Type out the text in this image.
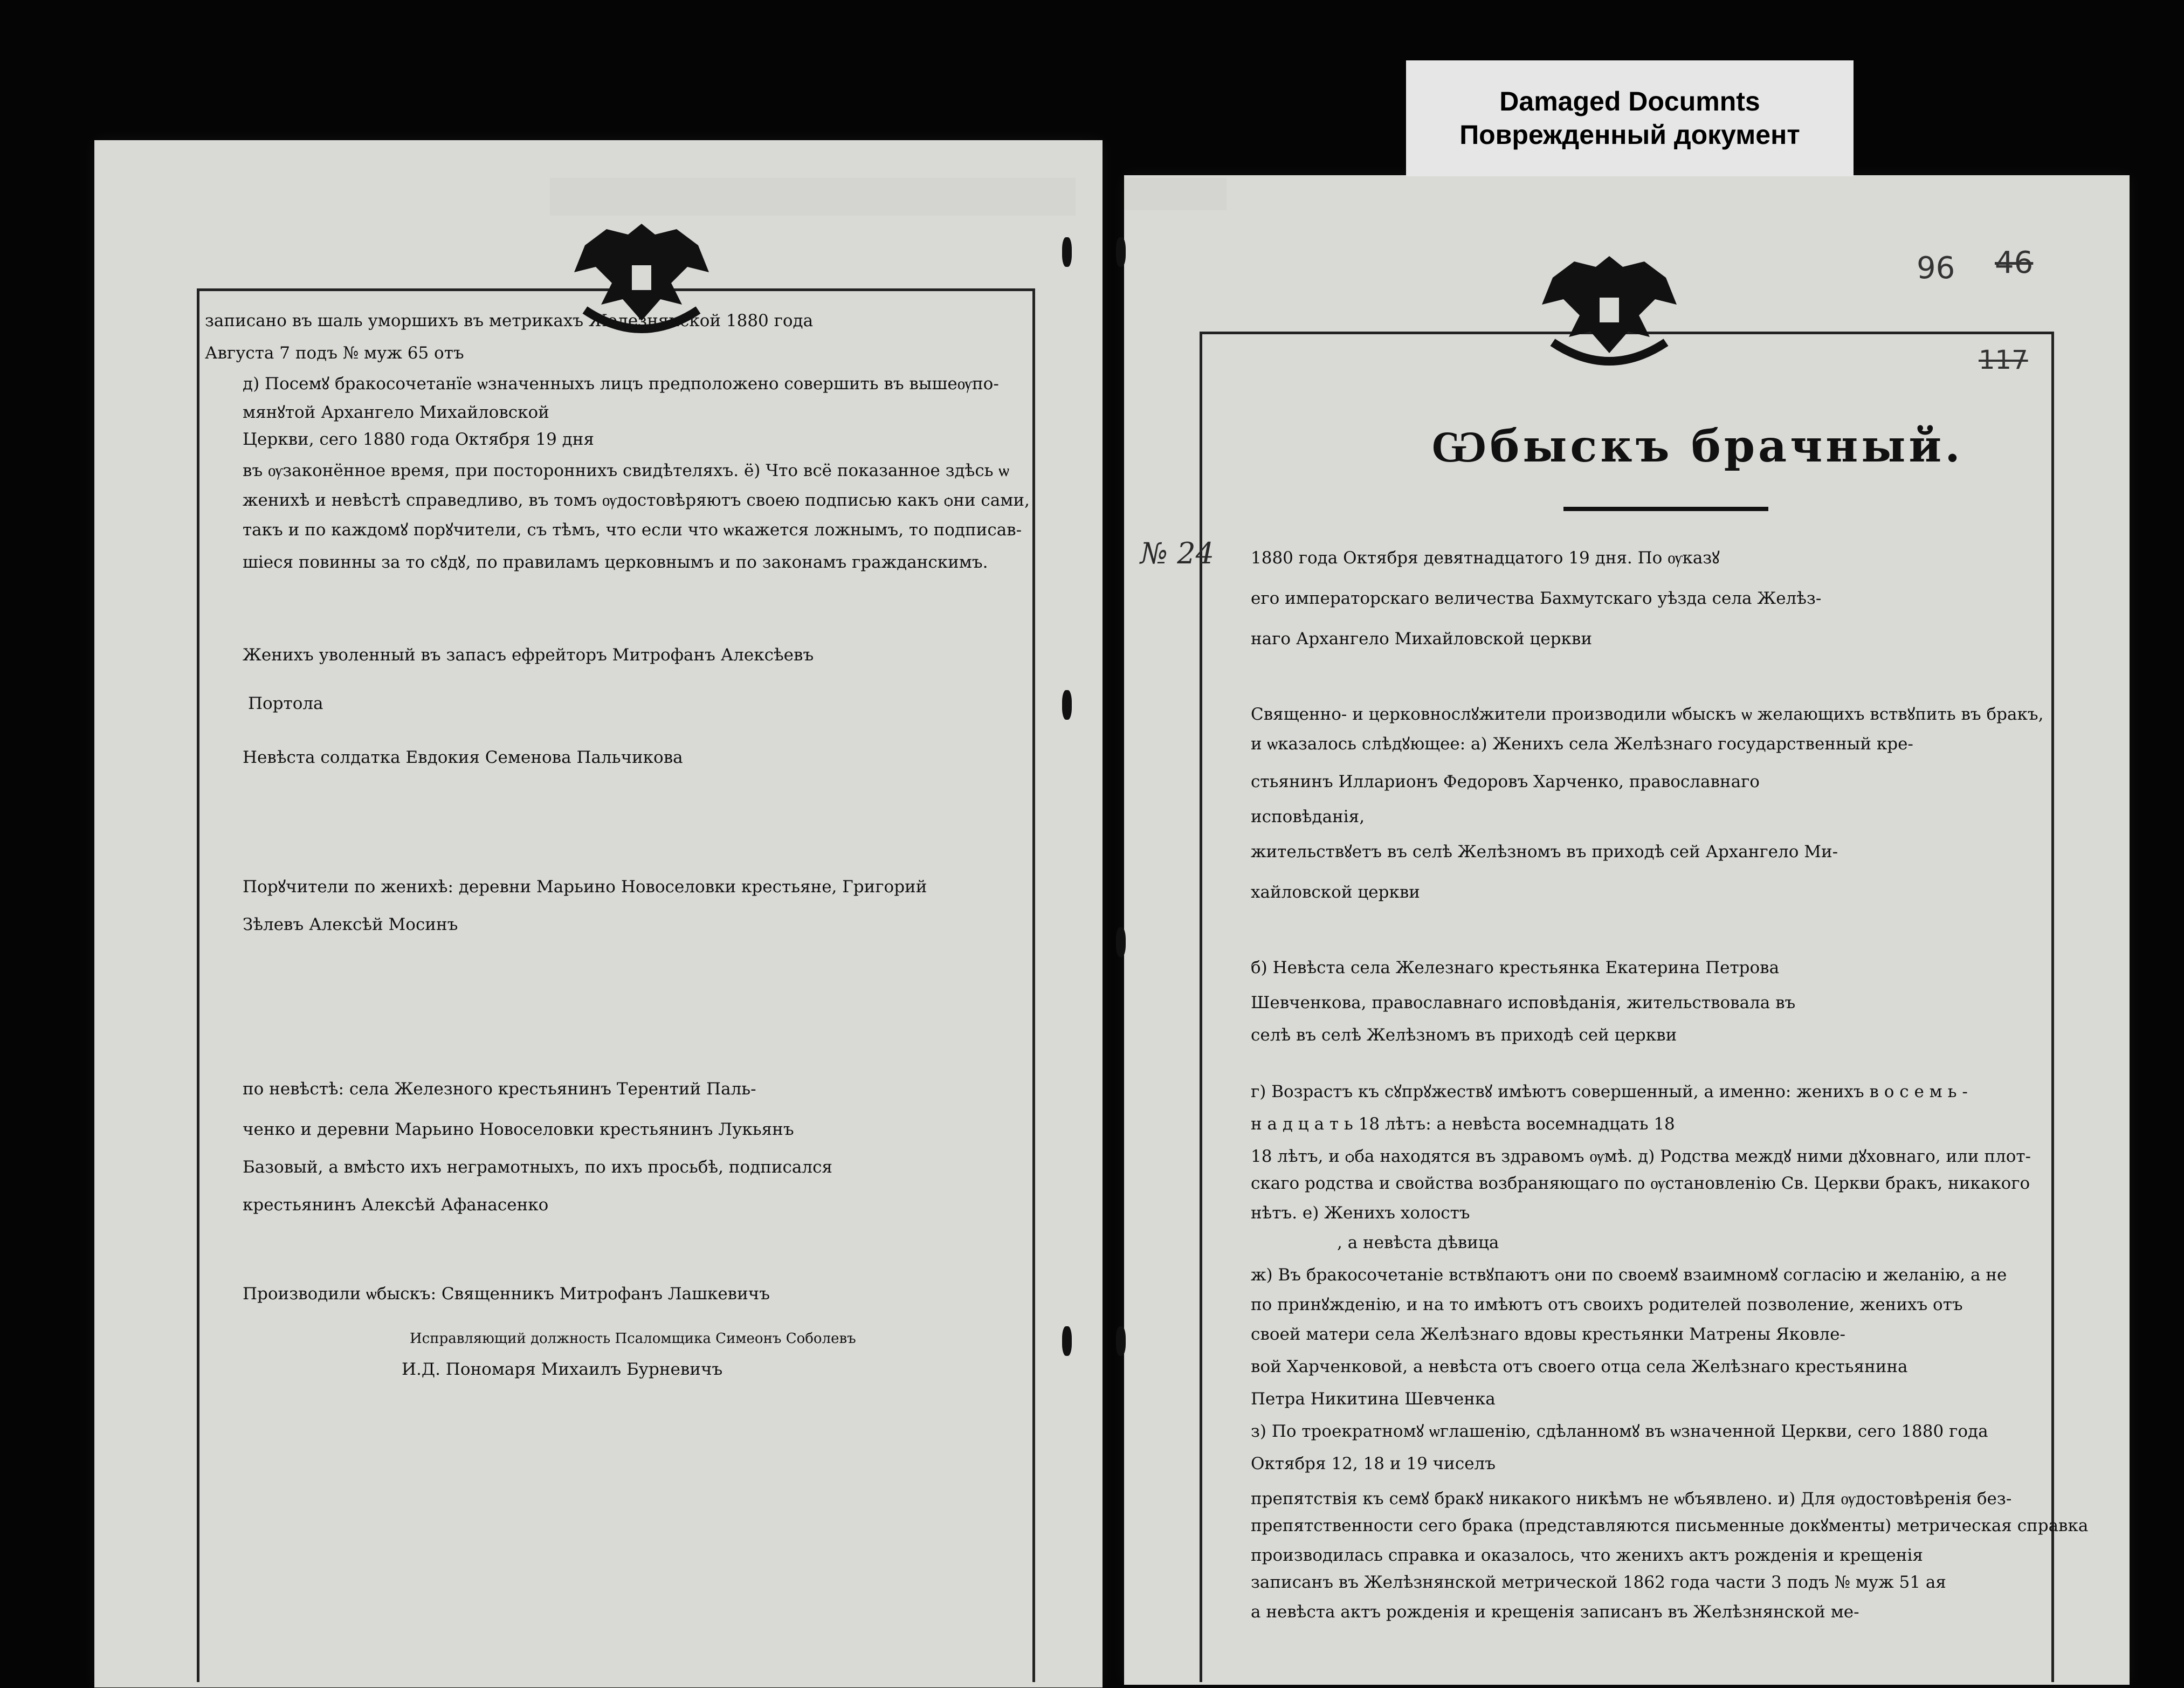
Damaged Documnts
Поврежденный документ
96 46
117
Ѡбыскъ брачный.
№ 24
записано въ шаль уморшихъ въ метрикахъ Железнянской 1880 года
Августа 7 подъ № муж 65 отъ
д) Посемꙋ бракосочетанїе ѡзначенныхъ лицъ предположено совершить въ вышеѹпо-
мянꙋтой Архангело Михайловской
Церкви, сего 1880 года Октября 19 дня
въ ѹзаконённое время, при постороннихъ свидѣтеляхъ. ё) Что всё показанное здѣсь ѡ
женихѣ и невѣстѣ справедливо, въ томъ ѹдостовѣряютъ своею подписью какъ ѻни сами,
такъ и по каждомꙋ порꙋчители, съ тѣмъ, что если что ѡкажется ложнымъ, то подписав-
шiеся повинны за то сꙋдꙋ, по правиламъ церковнымъ и по законамъ гражданскимъ.
Женихъ уволенный въ запасъ ефрейторъ Митрофанъ Алексѣевъ
Портола
Невѣста солдатка Евдокия Семенова Пальчикова
Порꙋчители по женихѣ: деревни Марьино Новоселовки крестьяне, Григорий
Зѣлевъ Алексѣй Мосинъ
по невѣстѣ: села Железного крестьянинъ Терентий Паль-
ченко и деревни Марьино Новоселовки крестьянинъ Лукьянъ
Базовый, а вмѣсто ихъ неграмотныхъ, по ихъ просьбѣ, подписался
крестьянинъ Алексѣй Афанасенко
Производили ѡбыскъ: Священникъ Митрофанъ Лашкевичъ
Исправляющий должность Псаломщика Симеонъ Соболевъ
И.Д. Пономаря Михаилъ Бурневичъ
1880 года Октября девятнадцатого 19 дня. По ѹказꙋ
его императорскаго величества Бахмутскаго уѣзда села Желѣз-
наго Архангело Михайловской церкви
Священно- и церковнослꙋжители производили ѡбыскъ ѡ желающихъ вствꙋпить въ бракъ,
и ѡказалось слѣдꙋющее: а) Женихъ села Желѣзнаго государственный кре-
стьянинъ Илларионъ Федоровъ Харченко, православнаго
исповѣданія,
жительствꙋетъ въ селѣ Желѣзномъ въ приходѣ сей Архангело Ми-
хайловской церкви
б) Невѣста села Железнаго крестьянка Екатерина Петрова
Шевченкова, православнаго исповѣданія, жительствовала въ
селѣ въ селѣ Желѣзномъ въ приходѣ сей церкви
г) Возрастъ къ сꙋпрꙋжествꙋ имѣютъ совершенный, а именно: женихъ в о с е м ь -
н а д ц а т ь 18 лѣтъ: а невѣста восемнадцать 18
18 лѣтъ, и ѻба находятся въ здравомъ ѹмѣ. д) Родства междꙋ ними дꙋховнаго, или плот-
скаго родства и свойства возбраняющаго по ѹстановленiю Св. Церкви бракъ, никакого
нѣтъ. е) Женихъ холостъ
, а невѣста дѣвица
ж) Въ бракосочетанiе вствꙋпаютъ ѻни по своемꙋ взаимномꙋ согласiю и желанiю, а не
по принꙋжденiю, и на то имѣютъ отъ своихъ родителей позволение, женихъ отъ
своей матери села Желѣзнаго вдовы крестьянки Матрены Яковле-
вой Харченковой, а невѣста отъ своего отца села Желѣзнаго крестьянина
Петра Никитина Шевченка
з) По троекратномꙋ ѡглашенiю, сдѣланномꙋ въ ѡзначенной Церкви, сего 1880 года
Октября 12, 18 и 19 чиселъ
препятствiя къ семꙋ бракꙋ никакого никѣмъ не ѡбъявлено. и) Для ѹдостовѣренiя без-
препятственности сего брака (представляются письменные докꙋменты) метрическая справка
производилась справка и оказалось, что женихъ актъ рожденія и крещенія
записанъ въ Желѣзнянской метрической 1862 года части 3 подъ № муж 51 ая
а невѣста актъ рожденія и крещенія записанъ въ Желѣзнянской ме-
